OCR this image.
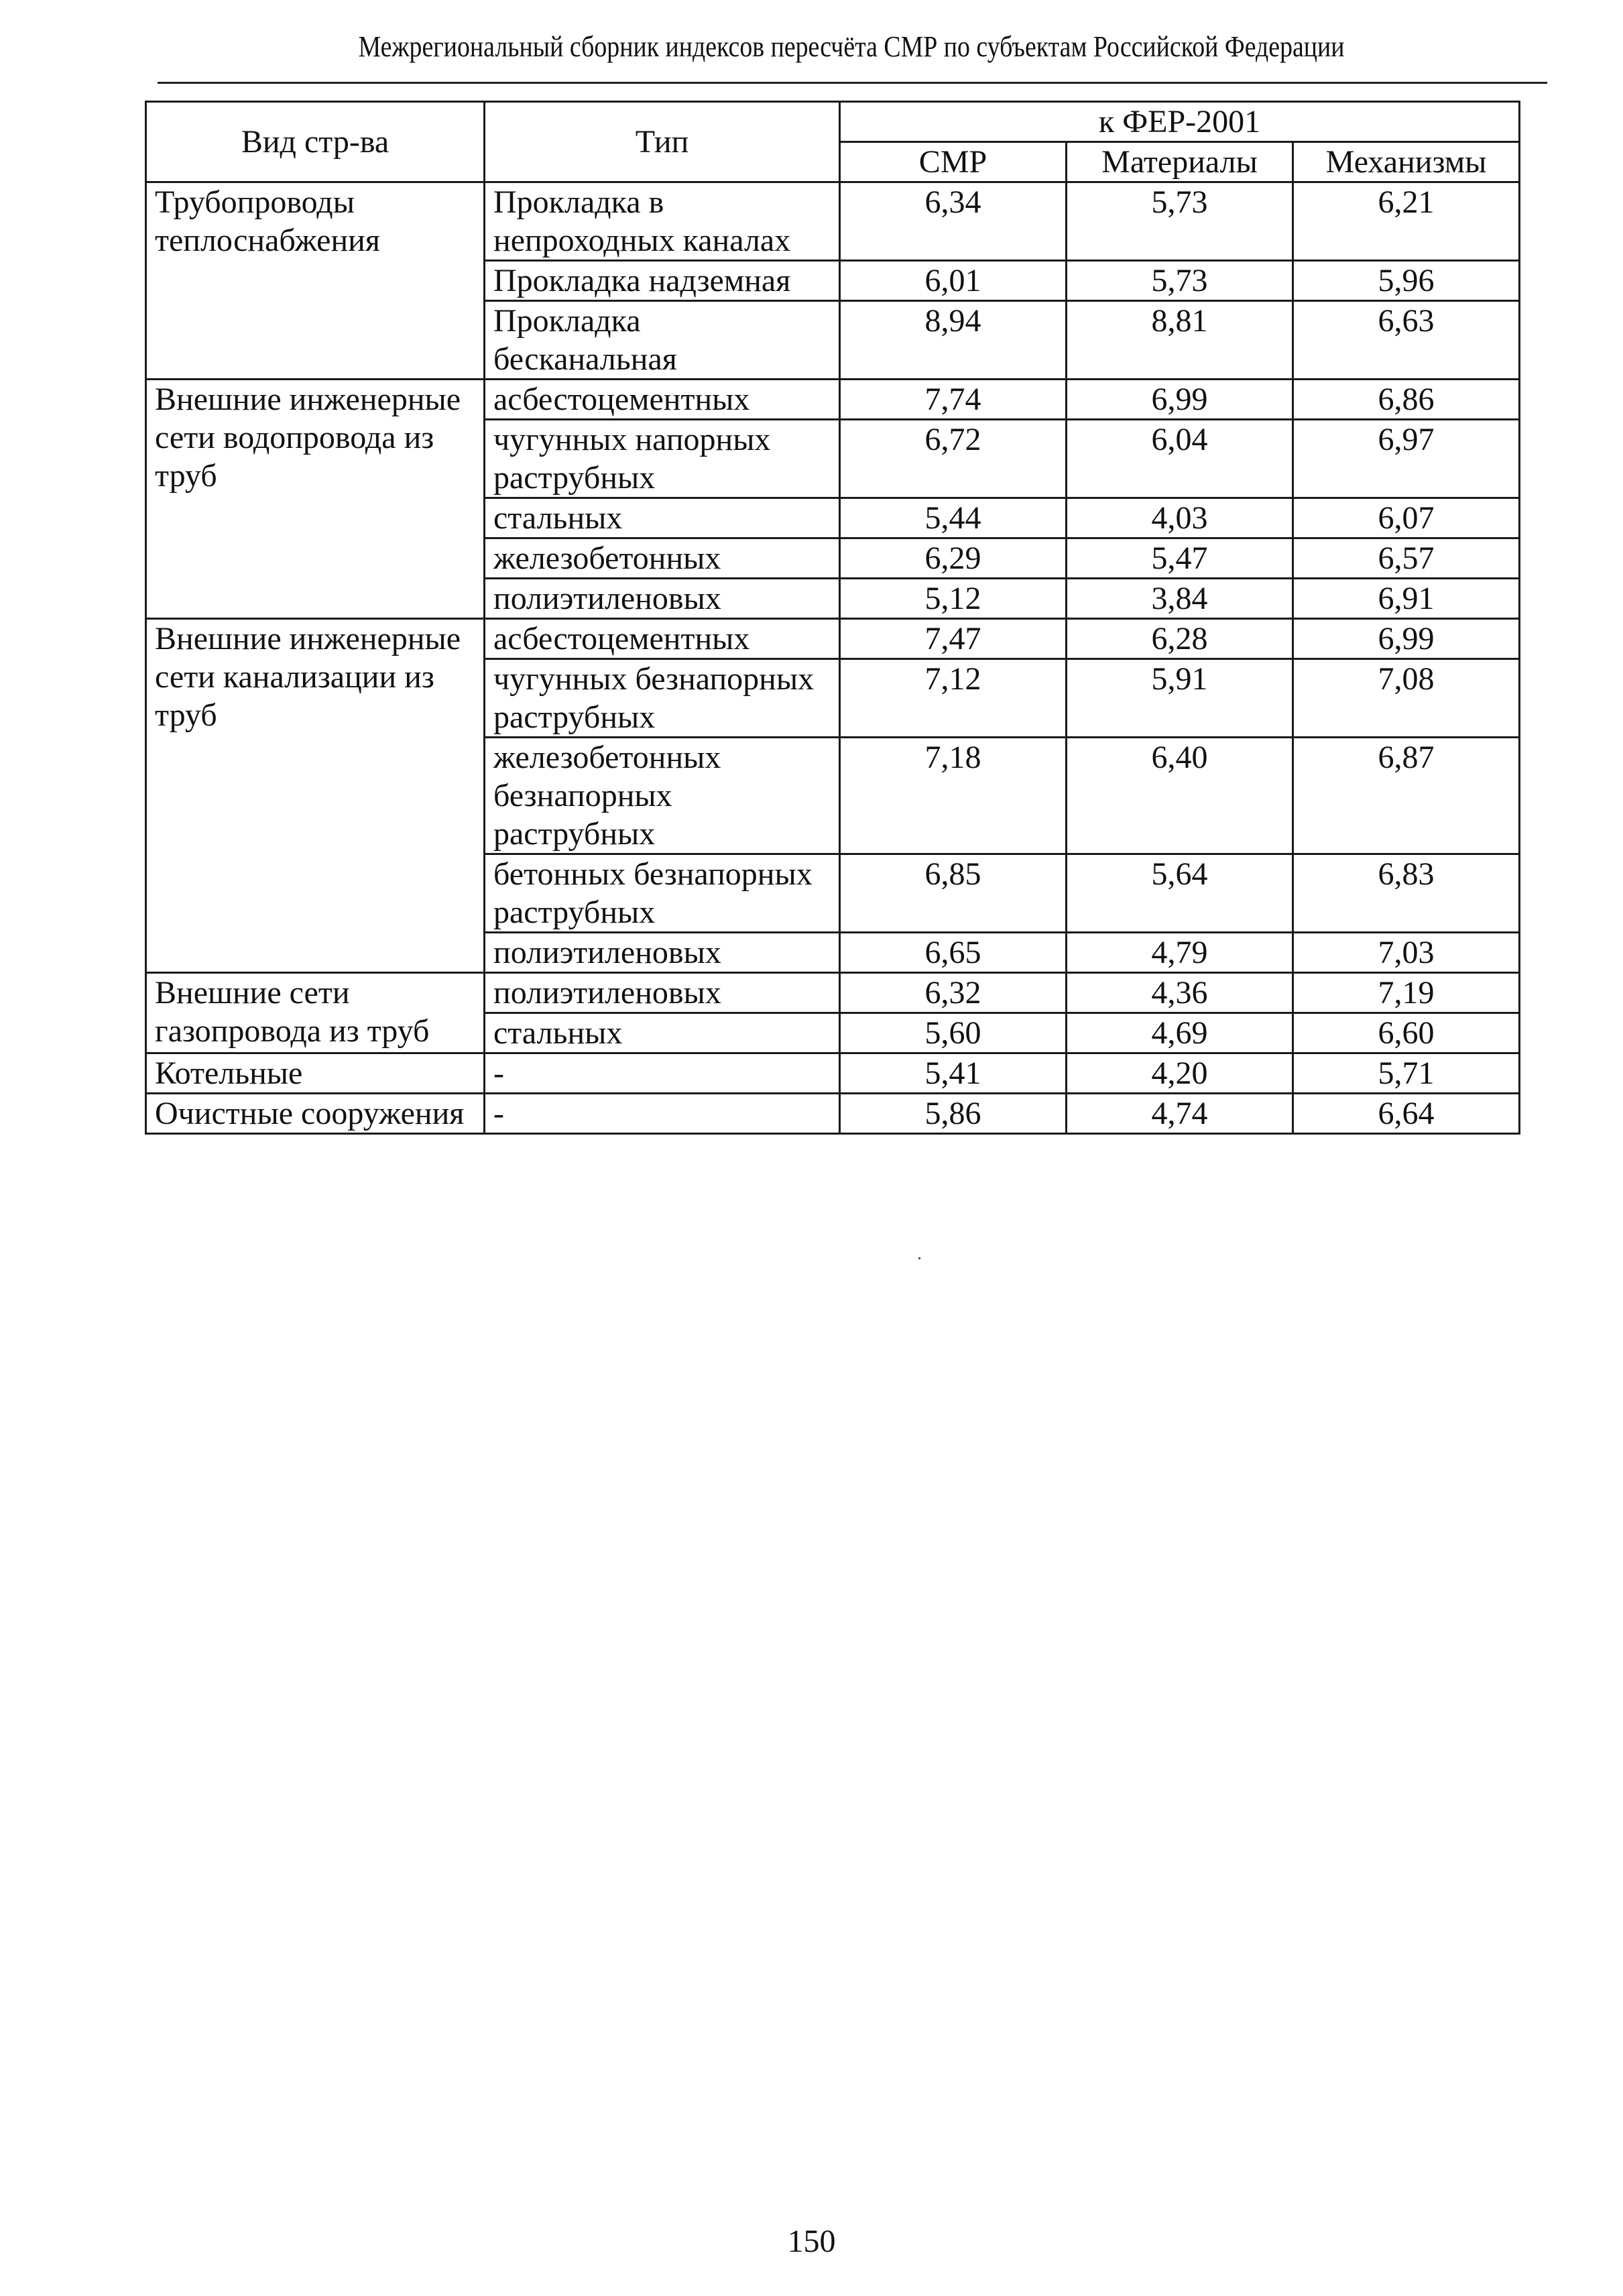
Межрегиональный сборник индексов пересчёта СМР по субъектам Российской Федерации
Вид стр-ва	Тип	к ФЕР-2001		
		СМР	Материалы	Механизмы
Трубопроводы теплоснабжения	Прокладка в непроходных каналах	6,34	5,73	6,21
	Прокладка надземная	6,01	5,73	5,96
	Прокладка бесканальная	8,94	8,81	6,63
Внешние инженерные сети водопровода из труб	асбестоцементных	7,74	6,99	6,86
	чугунных напорных раструбных	6,72	6,04	6,97
	стальных	5,44	4,03	6,07
	железобетонных	6,29	5,47	6,57
	полиэтиленовых	5,12	3,84	6,91
Внешние инженерные сети канализации из труб	асбестоцементных	7,47	6,28	6,99
	чугунных безнапорных раструбных	7,12	5,91	7,08
	железобетонных безнапорных раструбных	7,18	6,40	6,87
	бетонных безнапорных раструбных	6,85	5,64	6,83
	полиэтиленовых	6,65	4,79	7,03
Внешние сети газопровода из труб	полиэтиленовых	6,32	4,36	7,19
	стальных	5,60	4,69	6,60
Котельные	-	5,41	4,20	5,71
Очистные сооружения	-	5,86	4,74	6,64
150
